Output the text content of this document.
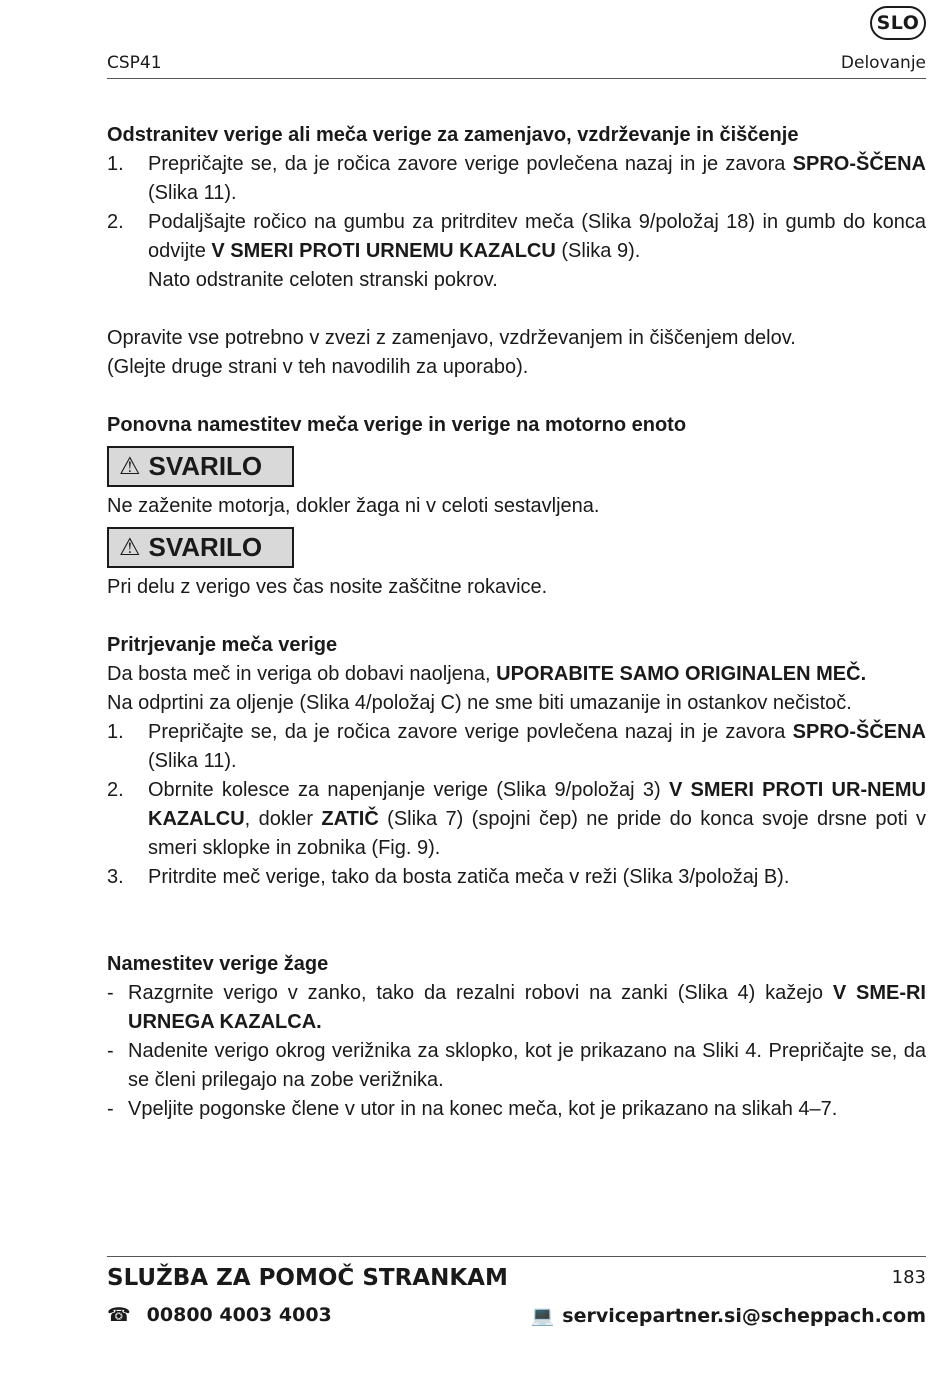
SLO
CSP41	Delovanje

Odstranitev verige ali meča verige za zamenjavo, vzdrževanje in čiščenje

1.	Prepričajte se, da je ročica zavore verige povlečena nazaj in je zavora SPRO-ŠČENA (Slika 11).
2.	Podaljšajte ročico na gumbu za pritrditev meča (Slika 9/položaj 18) in gumb do konca odvijte V SMERI PROTI URNEMU KAZALCU (Slika 9).
Nato odstranite celoten stranski pokrov.

Opravite vse potrebno v zvezi z zamenjavo, vzdrževanjem in čiščenjem delov.

(Glejte druge strani v teh navodilih za uporabo).

Ponovna namestitev meča verige in verige na motorno enoto

⚠ SVARILO

Ne zaženite motorja, dokler žaga ni v celoti sestavljena.

⚠ SVARILO

Pri delu z verigo ves čas nosite zaščitne rokavice.

Pritrjevanje meča verige

Da bosta meč in veriga ob dobavi naoljena, UPORABITE SAMO ORIGINALEN MEČ.

Na odprtini za oljenje (Slika 4/položaj C) ne sme biti umazanije in ostankov nečistoč.

1.	Prepričajte se, da je ročica zavore verige povlečena nazaj in je zavora SPRO-ŠČENA (Slika 11).
2.	Obrnite kolesce za napenjanje verige (Slika 9/položaj 3) V SMERI PROTI UR-NEMU KAZALCU, dokler ZATIČ (Slika 7) (spojni čep) ne pride do konca svoje drsne poti v smeri sklopke in zobnika (Fig. 9).
3.	Pritrdite meč verige, tako da bosta zatiča meča v reži (Slika 3/položaj B).

Namestitev verige žage

- Razgrnite verigo v zanko, tako da rezalni robovi na zanki (Slika 4) kažejo V SME-RI URNEGA KAZALCA.
- Nadenite verigo okrog verižnika za sklopko, kot je prikazano na Sliki 4. Prepričajte se, da se členi prilegajo na zobe verižnika.
- Vpeljite pogonske člene v utor in na konec meča, kot je prikazano na slikah 4–7.
SLUŽBA ZA POMOČ STRANKAM	183
☎ 00800 4003 4003	💻 servicepartner.si@scheppach.com
